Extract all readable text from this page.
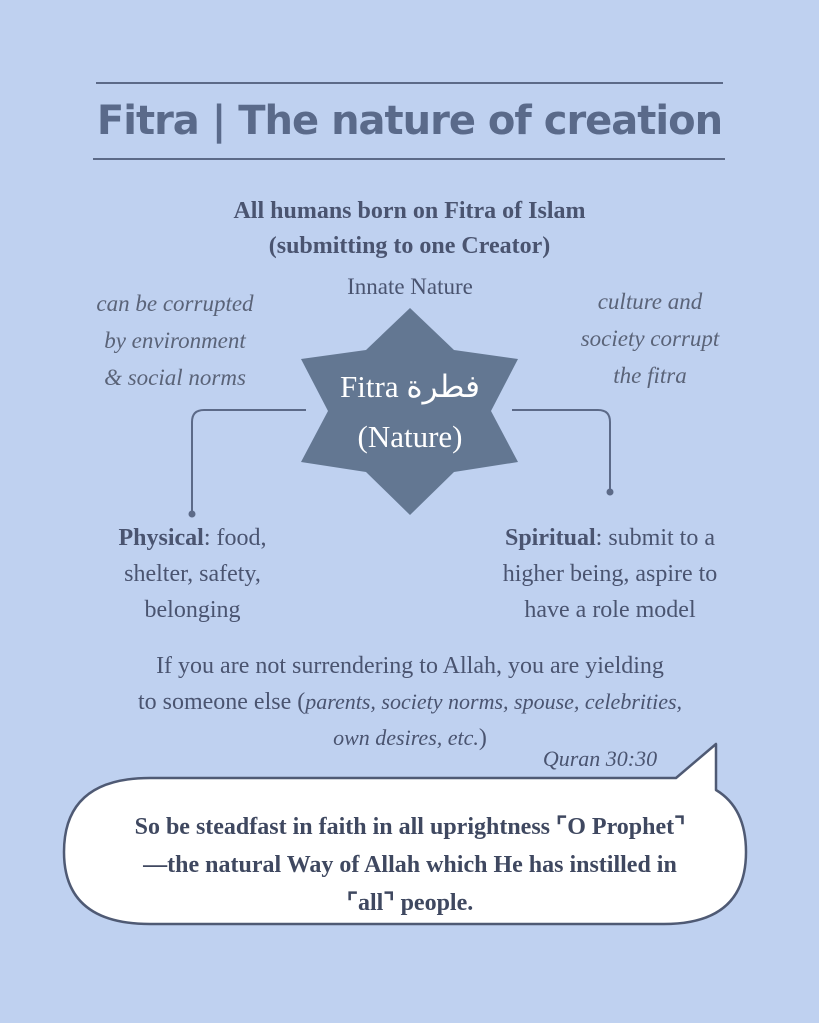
Fitra | The nature of creation
All humans born on Fitra of Islam
(submitting to one Creator)
Innate Nature
can be corrupted
by environment
& social norms
culture and
society corrupt
the fitra
Fitra فطرة
(Nature)
Physical: food,
shelter, safety,
belonging
Spiritual: submit to a
higher being, aspire to
have a role model
If you are not surrendering to Allah, you are yielding
to someone else (parents, society norms, spouse, celebrities,
own desires, etc.)
Quran 30:30
So be steadfast in faith in all uprightness ⌜O Prophet⌝
—the natural Way of Allah which He has instilled in
⌜all⌝ people.
